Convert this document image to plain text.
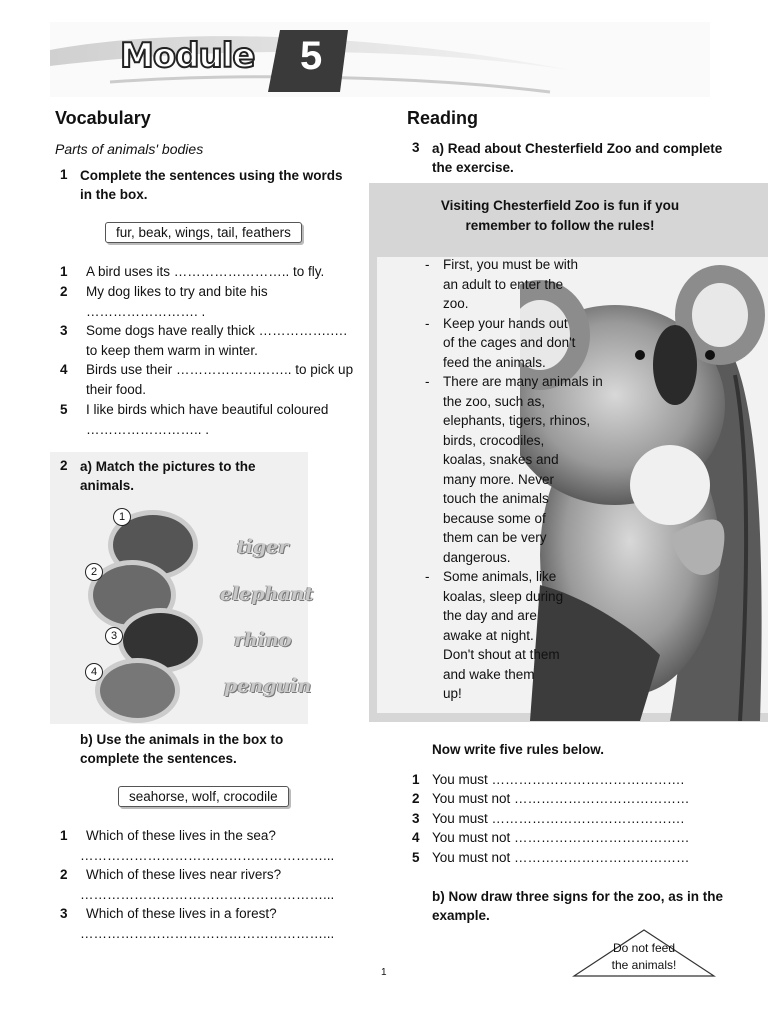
Module 5
Vocabulary
Parts of animals' bodies
1 Complete the sentences using the words in the box.
fur, beak, wings, tail, feathers
1	A bird uses its …………………….. to fly.
2	My dog likes to try and bite his ……………………. .
3	Some dogs have really thick …………….…. to keep them warm in winter.
4	Birds use their …………………….. to pick up their food.
5	I like birds which have beautiful coloured …………………….. .
2 a) Match the pictures to the animals.
1
2
3
4
tiger
elephant
rhino
penguin
b) Use the animals in the box to complete the sentences.
seahorse, wolf, crocodile
1	Which of these lives in the sea?
………………………………………………...
2	Which of these lives near rivers?
………………………………………………...
3	Which of these lives in a forest?
………………………………………………...
Reading
3 a) Read about Chesterfield Zoo and complete the exercise.
Visiting Chesterfield Zoo is fun if you remember to follow the rules!
-	First, you must be with
an adult to enter the
zoo.
-	Keep your hands out
of the cages and don't
feed the animals.
-	There are many animals in
the zoo, such as,
elephants, tigers, rhinos,
birds, crocodiles,
koalas, snakes and
many more. Never
touch the animals
because some of
them can be very
dangerous.
-	Some animals, like
koalas, sleep during
the day and are
awake at night.
Don't shout at them
and wake them
up!
Now write five rules below.
1 You must …………………………………….
2 You must not …………………………………
3 You must …………………………………….
4 You must not …………………………………
5 You must not …………………………………
b) Now draw three signs for the zoo, as in the example.
Do not feed
the animals!
1
